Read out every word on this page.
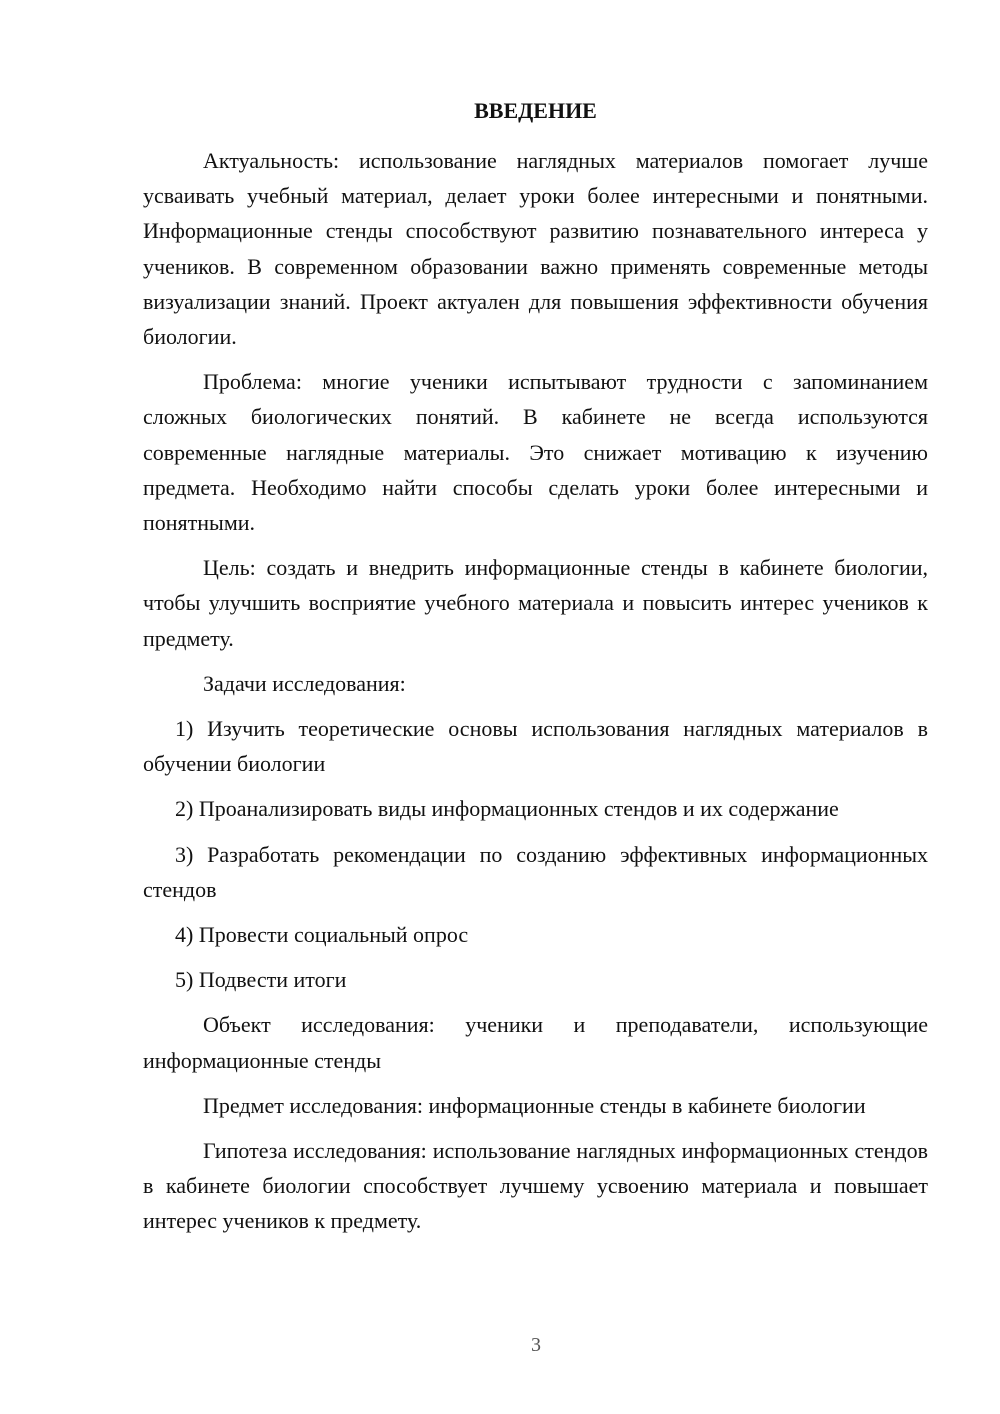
ВВЕДЕНИЕ

Актуальность: использование наглядных материалов помогает лучше усваивать учебный материал, делает уроки более интересными и понятными. Информационные стенды способствуют развитию познавательного интереса у учеников. В современном образовании важно применять современные методы визуализации знаний. Проект актуален для повышения эффективности обучения биологии.

Проблема: многие ученики испытывают трудности с запоминанием сложных биологических понятий. В кабинете не всегда используются современные наглядные материалы. Это снижает мотивацию к изучению предмета. Необходимо найти способы сделать уроки более интересными и понятными.

Цель: создать и внедрить информационные стенды в кабинете биологии, чтобы улучшить восприятие учебного материала и повысить интерес учеников к предмету.

Задачи исследования:

1) Изучить теоретические основы использования наглядных материалов в обучении биологии

2) Проанализировать виды информационных стендов и их содержание

3) Разработать рекомендации по созданию эффективных информационных стендов

4) Провести социальный опрос

5) Подвести итоги

Объект исследования: ученики и преподаватели, использующие информационные стенды

Предмет исследования: информационные стенды в кабинете биологии

Гипотеза исследования: использование наглядных информационных стендов в кабинете биологии способствует лучшему усвоению материала и повышает интерес учеников к предмету.

3
